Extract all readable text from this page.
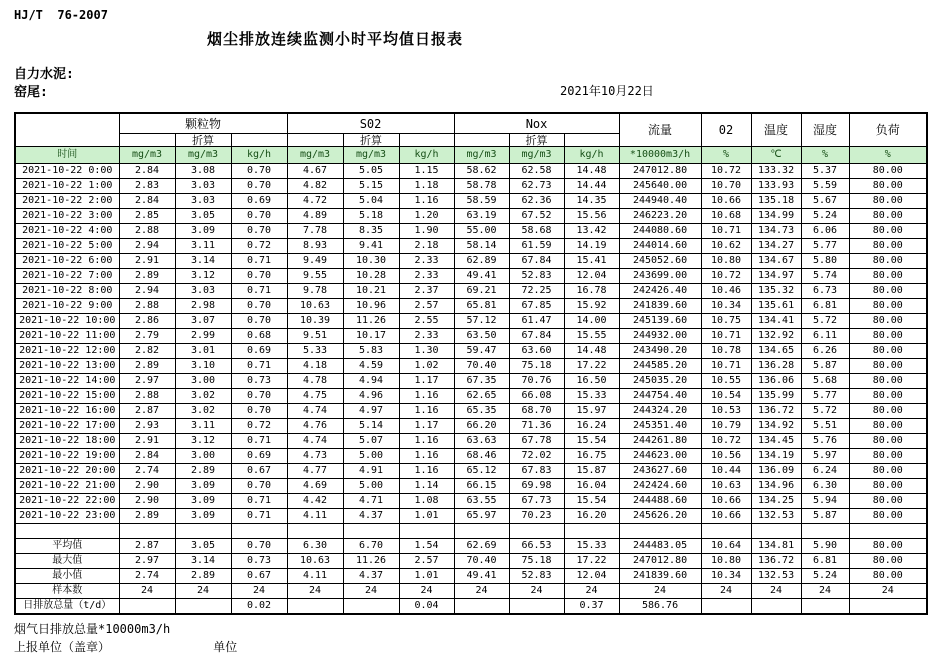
HJ/T  76-2007
烟尘排放连续监测小时平均值日报表
自力水泥:
窑尾:	2021年10月22日
	颗粒物			S02			Nox			流量	02	温度	湿度	负荷
		折算			折算			折算						
时间	mg/m3	mg/m3	kg/h	mg/m3	mg/m3	kg/h	mg/m3	mg/m3	kg/h	*10000m3/h	%	℃	%	%
2021-10-22 0:00	2.84	3.08	0.70	4.67	5.05	1.15	58.62	62.58	14.48	247012.80	10.72	133.32	5.37	80.00
2021-10-22 1:00	2.83	3.03	0.70	4.82	5.15	1.18	58.78	62.73	14.44	245640.00	10.70	133.93	5.59	80.00
2021-10-22 2:00	2.84	3.03	0.69	4.72	5.04	1.16	58.59	62.36	14.35	244940.40	10.66	135.18	5.67	80.00
2021-10-22 3:00	2.85	3.05	0.70	4.89	5.18	1.20	63.19	67.52	15.56	246223.20	10.68	134.99	5.24	80.00
2021-10-22 4:00	2.88	3.09	0.70	7.78	8.35	1.90	55.00	58.68	13.42	244080.60	10.71	134.73	6.06	80.00
2021-10-22 5:00	2.94	3.11	0.72	8.93	9.41	2.18	58.14	61.59	14.19	244014.60	10.62	134.27	5.77	80.00
2021-10-22 6:00	2.91	3.14	0.71	9.49	10.30	2.33	62.89	67.84	15.41	245052.60	10.80	134.67	5.80	80.00
2021-10-22 7:00	2.89	3.12	0.70	9.55	10.28	2.33	49.41	52.83	12.04	243699.00	10.72	134.97	5.74	80.00
2021-10-22 8:00	2.94	3.03	0.71	9.78	10.21	2.37	69.21	72.25	16.78	242426.40	10.46	135.32	6.73	80.00
2021-10-22 9:00	2.88	2.98	0.70	10.63	10.96	2.57	65.81	67.85	15.92	241839.60	10.34	135.61	6.81	80.00
2021-10-22 10:00	2.86	3.07	0.70	10.39	11.26	2.55	57.12	61.47	14.00	245139.60	10.75	134.41	5.72	80.00
2021-10-22 11:00	2.79	2.99	0.68	9.51	10.17	2.33	63.50	67.84	15.55	244932.00	10.71	132.92	6.11	80.00
2021-10-22 12:00	2.82	3.01	0.69	5.33	5.83	1.30	59.47	63.60	14.48	243490.20	10.78	134.65	6.26	80.00
2021-10-22 13:00	2.89	3.10	0.71	4.18	4.59	1.02	70.40	75.18	17.22	244585.20	10.71	136.28	5.87	80.00
2021-10-22 14:00	2.97	3.00	0.73	4.78	4.94	1.17	67.35	70.76	16.50	245035.20	10.55	136.06	5.68	80.00
2021-10-22 15:00	2.88	3.02	0.70	4.75	4.96	1.16	62.65	66.08	15.33	244754.40	10.54	135.99	5.77	80.00
2021-10-22 16:00	2.87	3.02	0.70	4.74	4.97	1.16	65.35	68.70	15.97	244324.20	10.53	136.72	5.72	80.00
2021-10-22 17:00	2.93	3.11	0.72	4.76	5.14	1.17	66.20	71.36	16.24	245351.40	10.79	134.92	5.51	80.00
2021-10-22 18:00	2.91	3.12	0.71	4.74	5.07	1.16	63.63	67.78	15.54	244261.80	10.72	134.45	5.76	80.00
2021-10-22 19:00	2.84	3.00	0.69	4.73	5.00	1.16	68.46	72.02	16.75	244623.00	10.56	134.19	5.97	80.00
2021-10-22 20:00	2.74	2.89	0.67	4.77	4.91	1.16	65.12	67.83	15.87	243627.60	10.44	136.09	6.24	80.00
2021-10-22 21:00	2.90	3.09	0.70	4.69	5.00	1.14	66.15	69.98	16.04	242424.60	10.63	134.96	6.30	80.00
2021-10-22 22:00	2.90	3.09	0.71	4.42	4.71	1.08	63.55	67.73	15.54	244488.60	10.66	134.25	5.94	80.00
2021-10-22 23:00	2.89	3.09	0.71	4.11	4.37	1.01	65.97	70.23	16.20	245626.20	10.66	132.53	5.87	80.00

平均值	2.87	3.05	0.70	6.30	6.70	1.54	62.69	66.53	15.33	244483.05	10.64	134.81	5.90	80.00
最大值	2.97	3.14	0.73	10.63	11.26	2.57	70.40	75.18	17.22	247012.80	10.80	136.72	6.81	80.00
最小值	2.74	2.89	0.67	4.11	4.37	1.01	49.41	52.83	12.04	241839.60	10.34	132.53	5.24	80.00
样本数	24	24	24	24	24	24	24	24	24	24	24	24	24	24
日排放总量（t/d）			0.02			0.04			0.37	586.76				
烟气日排放总量*10000m3/h
上报单位（盖章）	单位
